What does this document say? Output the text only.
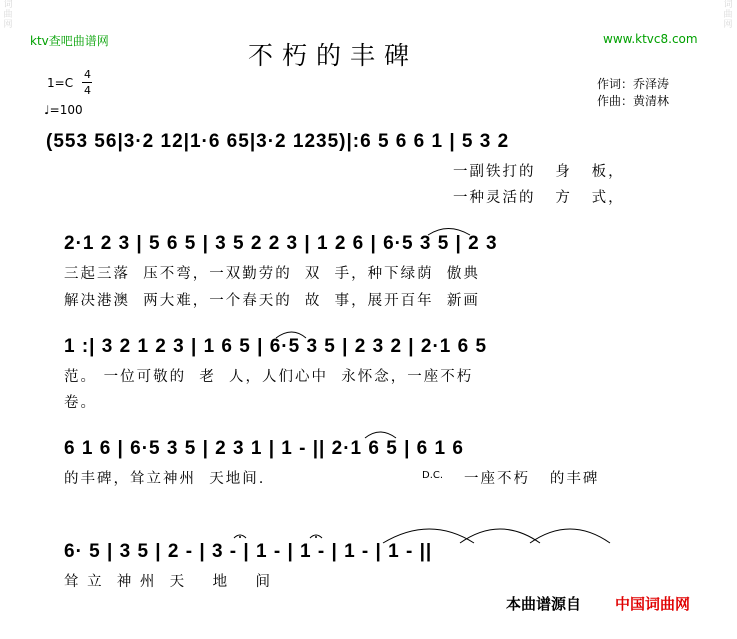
词曲网
词曲网
ktv查吧曲谱网	www.ktvc8.com
不朽的丰碑
1=C
4
4
♩=100
作词：乔泽涛
作曲：黄清林
(553 56|3·2 12|1·6 65|3·2 1235)|:6 5 6 6 1 | 5 3 2
一副铁打的   身   板，
一种灵活的   方   式，
2·1 2 3 | 5 6 5 | 3 5 2 2 3 | 1 2 6 | 6·5 3 5 | 2 3
三起三落  压不弯，一双勤劳的  双  手，种下绿荫  傲典
解决港澳  两大难，一个春天的  故  事，展开百年  新画
1 :| 3 2 1 2 3 | 1 6 5 | 6·5 3 5 | 2 3 2 | 2·1 6 5
范。 一位可敬的  老  人，人们心中  永怀念，一座不朽
卷。
6 1 6 | 6·5 3 5 | 2 3 1 | 1 - || 2·1 6 5 | 6 1 6
的丰碑，耸立神州  天地间.	D.C. 一座不朽   的丰碑
6· 5 | 3 5 | 2 - | 3 - | 1 - | 1 - | 1 - | 1 - ||
耸 立  神 州  天    地    间
本曲谱源自 中国词曲网
